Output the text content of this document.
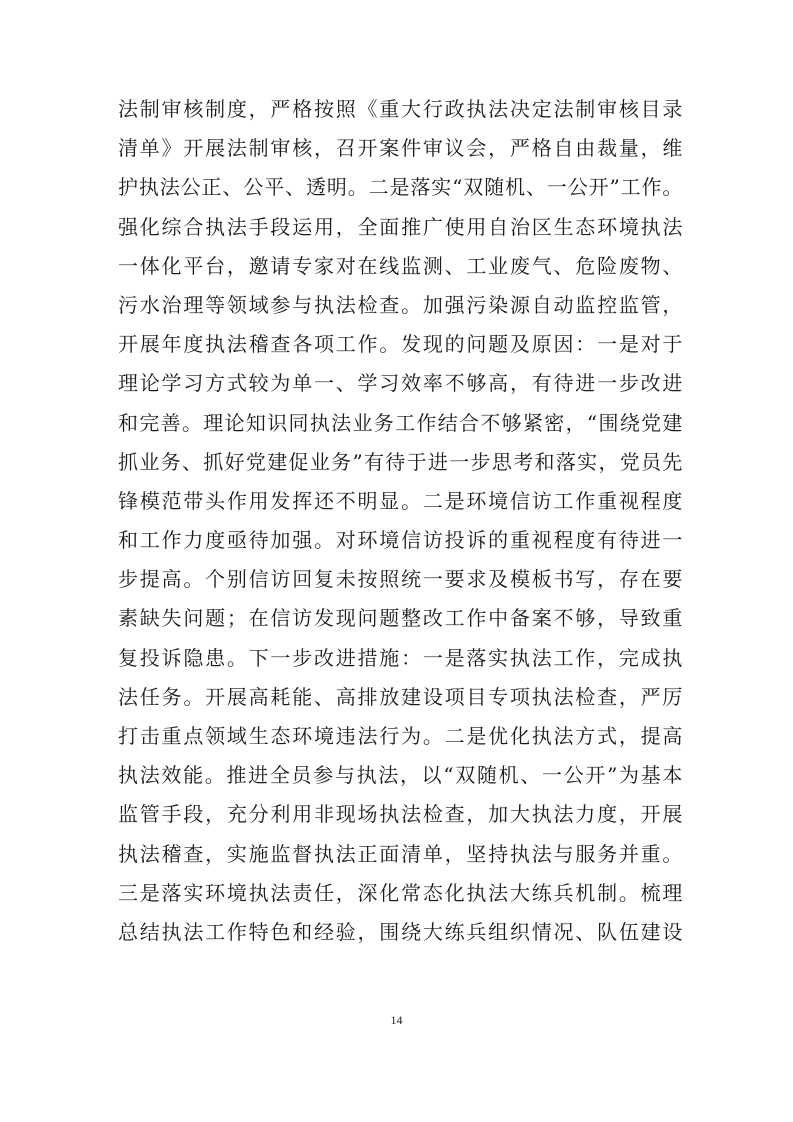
法制审核制度，严格按照《重大行政执法决定法制审核目录
清单》开展法制审核，召开案件审议会，严格自由裁量，维
护执法公正、公平、透明。二是落实“双随机、一公开”工作。
强化综合执法手段运用，全面推广使用自治区生态环境执法
一体化平台，邀请专家对在线监测、工业废气、危险废物、
污水治理等领域参与执法检查。加强污染源自动监控监管，
开展年度执法稽查各项工作。发现的问题及原因：一是对于
理论学习方式较为单一、学习效率不够高，有待进一步改进
和完善。理论知识同执法业务工作结合不够紧密，“围绕党建
抓业务、抓好党建促业务”有待于进一步思考和落实，党员先
锋模范带头作用发挥还不明显。二是环境信访工作重视程度
和工作力度亟待加强。对环境信访投诉的重视程度有待进一
步提高。个别信访回复未按照统一要求及模板书写，存在要
素缺失问题；在信访发现问题整改工作中备案不够，导致重
复投诉隐患。下一步改进措施：一是落实执法工作，完成执
法任务。开展高耗能、高排放建设项目专项执法检查，严厉
打击重点领域生态环境违法行为。二是优化执法方式，提高
执法效能。推进全员参与执法，以“双随机、一公开”为基本
监管手段，充分利用非现场执法检查，加大执法力度，开展
执法稽查，实施监督执法正面清单，坚持执法与服务并重。
三是落实环境执法责任，深化常态化执法大练兵机制。梳理
总结执法工作特色和经验，围绕大练兵组织情况、队伍建设
14
